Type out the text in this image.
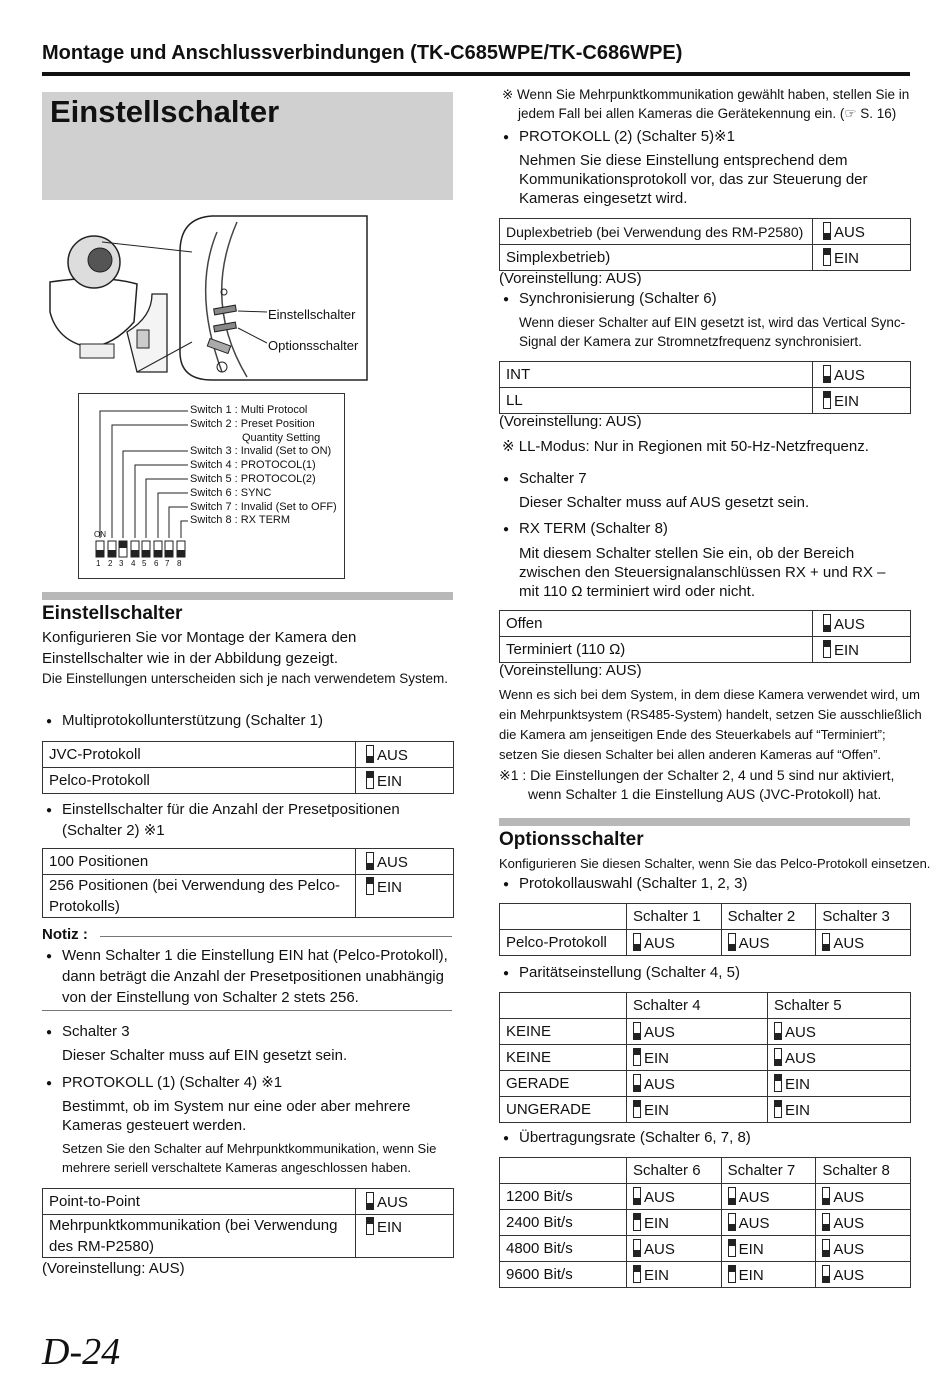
Montage und Anschlussverbindungen (TK-C685WPE/TK-C686WPE)
Einstellschalter
Einstellschalter
Optionsschalter
Switch 1 : Multi Protocol
Switch 2 : Preset Position
Quantity Setting
Switch 3 : Invalid (Set to ON)
Switch 4 : PROTOCOL(1)
Switch 5 : PROTOCOL(2)
Switch 6 : SYNC
Switch 7 : Invalid (Set to OFF)
Switch 8 : RX TERM
ON
1 2 3 4 5 6 7 8
Einstellschalter
Konfigurieren Sie vor Montage der Kamera den
Einstellschalter wie in der Abbildung gezeigt.
Die Einstellungen unterscheiden sich je nach verwendetem System.
● Multiprotokollunterstützung (Schalter 1)
JVC-Protokoll	AUS
Pelco-Protokoll	EIN
● Einstellschalter für die Anzahl der Presetpositionen
(Schalter 2) ※1
100 Positionen	AUS

256 Positionen (bei Verwendung des Pelco-
Protokolls)	EIN
Notiz :
● Wenn Schalter 1 die Einstellung EIN hat (Pelco-Protokoll),
dann beträgt die Anzahl der Presetpositionen unabhängig
von der Einstellung von Schalter 2 stets 256.
● Schalter 3
Dieser Schalter muss auf EIN gesetzt sein.
● PROTOKOLL (1) (Schalter 4) ※1
Bestimmt, ob im System nur eine oder aber mehrere
Kameras gesteuert werden.
Setzen Sie den Schalter auf Mehrpunktkommunikation, wenn Sie
mehrere seriell verschaltete Kameras angeschlossen haben.
Point-to-Point	AUS

Mehrpunktkommunikation (bei Verwendung
des RM-P2580)	EIN
(Voreinstellung: AUS)
※ Wenn Sie Mehrpunktkommunikation gewählt haben, stellen Sie in
jedem Fall bei allen Kameras die Gerätekennung ein. (☞ S. 16)
● PROTOKOLL (2) (Schalter 5)※1
Nehmen Sie diese Einstellung entsprechend dem
Kommunikationsprotokoll vor, das zur Steuerung der
Kameras eingesetzt wird.
Duplexbetrieb (bei Verwendung des RM-P2580)	AUS
Simplexbetrieb)	EIN
(Voreinstellung: AUS)
● Synchronisierung (Schalter 6)
Wenn dieser Schalter auf EIN gesetzt ist, wird das Vertical Sync-
Signal der Kamera zur Stromnetzfrequenz synchronisiert.
INT	AUS
LL	EIN
(Voreinstellung: AUS)
※ LL-Modus: Nur in Regionen mit 50-Hz-Netzfrequenz.
● Schalter 7
Dieser Schalter muss auf AUS gesetzt sein.
● RX TERM (Schalter 8)
Mit diesem Schalter stellen Sie ein, ob der Bereich
zwischen den Steuersignalanschlüssen RX + und RX –
mit 110 Ω terminiert wird oder nicht.
Offen	AUS
Terminiert (110 Ω)	EIN
(Voreinstellung: AUS)
Wenn es sich bei dem System, in dem diese Kamera verwendet wird, um
ein Mehrpunktsystem (RS485-System) handelt, setzen Sie ausschließlich
die Kamera am jenseitigen Ende des Steuerkabels auf “Terminiert”;
setzen Sie diesen Schalter bei allen anderen Kameras auf “Offen”.
※1 : Die Einstellungen der Schalter 2, 4 und 5 sind nur aktiviert,
wenn Schalter 1 die Einstellung AUS (JVC-Protokoll) hat.
Optionsschalter
Konfigurieren Sie diesen Schalter, wenn Sie das Pelco-Protokoll einsetzen.
● Protokollauswahl (Schalter 1, 2, 3)
	Schalter 1	Schalter 2	Schalter 3
Pelco-Protokoll	AUS	AUS	AUS
● Paritätseinstellung (Schalter 4, 5)
	Schalter 4	Schalter 5
KEINE	AUS	AUS
KEINE	EIN	AUS
GERADE	AUS	EIN
UNGERADE	EIN	EIN
● Übertragungsrate (Schalter 6, 7, 8)
	Schalter 6	Schalter 7	Schalter 8
1200 Bit/s	AUS	AUS	AUS
2400 Bit/s	EIN	AUS	AUS
4800 Bit/s	AUS	EIN	AUS
9600 Bit/s	EIN	EIN	AUS
D-24
